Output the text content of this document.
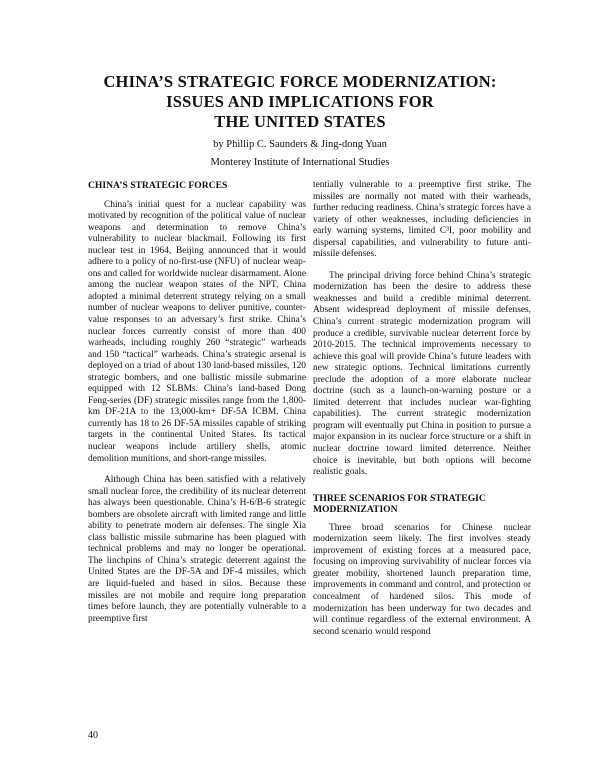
CHINA’S STRATEGIC FORCE MODERNIZATION:
ISSUES AND IMPLICATIONS FOR
THE UNITED STATES
by Phillip C. Saunders & Jing-dong Yuan
Monterey Institute of International Studies
CHINA’S STRATEGIC FORCES

China’s initial quest for a nuclear capability was motivated by recognition of the political value of nuclear weapons and determination to remove China’s vulnerability to nuclear blackmail. Following its first nuclear test in 1964, Beijing announced that it would adhere to a policy of no-first-use (NFU) of nuclear weapons and called for worldwide nuclear disarmament. Alone among the nuclear weapon states of the NPT, China adopted a minimal deterrent strategy relying on a small number of nuclear weapons to deliver punitive, counter-value responses to an adversary’s first strike. China’s nuclear forces currently consist of more than 400 warheads, including roughly 260 “strategic” warheads and 150 “tactical” warheads. China’s strategic arsenal is deployed on a triad of about 130 land-based missiles, 120 strategic bombers, and one ballistic missile submarine equipped with 12 SLBMs. China’s land-based Dong Feng-series (DF) strategic missiles range from the 1,800-km DF-21A to the 13,000-km+ DF-5A ICBM. China currently has 18 to 26 DF-5A missiles capable of striking targets in the continental United States. Its tactical nuclear weapons include artillery shells, atomic demolition munitions, and short-range missiles.

Although China has been satisfied with a relatively small nuclear force, the credibility of its nuclear deterrent has always been questionable. China’s H-6/B-6 strategic bombers are obsolete aircraft with limited range and little ability to penetrate modern air defenses. The single Xia class ballistic missile submarine has been plagued with technical problems and may no longer be operational. The linchpins of China’s strategic deterrent against the United States are the DF-5A and DF-4 missiles, which are liquid-fueled and based in silos. Because these missiles are not mobile and require long preparation times before launch, they are potentially vulnerable to a preemptive first

tentially vulnerable to a preemptive first strike. The missiles are normally not mated with their warheads, further reducing readiness. China’s strategic forces have a variety of other weaknesses, including deficiencies in early warning systems, limited C³I, poor mobility and dispersal capabilities, and vulnerability to future anti-missile defenses.

The principal driving force behind China’s strategic modernization has been the desire to address these weaknesses and build a credible minimal deterrent. Absent widespread deployment of missile defenses, China’s current strategic modernization program will produce a credible, survivable nuclear deterrent force by 2010-2015. The technical improvements necessary to achieve this goal will provide China’s future leaders with new strategic options. Technical limitations currently preclude the adoption of a more elaborate nuclear doctrine (such as a launch-on-warning posture or a limited deterrent that includes nuclear war-fighting capabilities). The current strategic modernization program will eventually put China in position to pursue a major expansion in its nuclear force structure or a shift in nuclear doctrine toward limited deterrence. Neither choice is inevitable, but both options will become realistic goals.

THREE SCENARIOS FOR STRATEGIC MODERNIZATION

Three broad scenarios for Chinese nuclear modernization seem likely. The first involves steady improvement of existing forces at a measured pace, focusing on improving survivability of nuclear forces via greater mobility, shortened launch preparation time, improvements in command and control, and protection or concealment of hardened silos. This mode of modernization has been underway for two decades and will continue regardless of the external environment. A second scenario would respond

40
